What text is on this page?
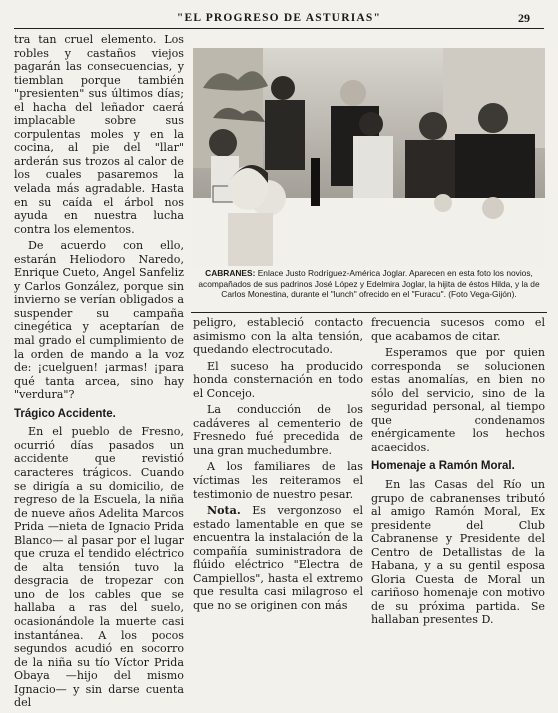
"EL PROGRESO DE ASTURIAS"	29

tra tan cruel elemento. Los robles y castaños viejos pagarán las consecuencias, y tiemblan porque también "presienten" sus últimos días; el hacha del leñador caerá implacable sobre sus corpulentas moles y en la cocina, al pie del "llar" arderán sus trozos al calor de los cuales pasaremos la velada más agradable. Hasta en su caída el árbol nos ayuda en nuestra lucha contra los elementos.

De acuerdo con ello, estarán Heliodoro Naredo, Enrique Cueto, Angel Sanfeliz y Carlos González, porque sin invierno se verían obligados a suspender su campaña cinegética y aceptarían de mal grado el cumplimiento de la orden de mando a la voz de: ¡cuelguen! ¡armas! ¡para qué tanta arcea, sino hay "verdura"?

Trágico Accidente.

En el pueblo de Fresno, ocurrió días pasados un accidente que revistió caracteres trágicos. Cuando se dirigía a su domicilio, de regreso de la Escuela, la niña de nueve años Adelita Marcos Prida —nieta de Ignacio Prida Blanco— al pasar por el lugar que cruza el tendido eléctrico de alta tensión tuvo la desgracia de tropezar con uno de los cables que se hallaba a ras del suelo, ocasionándole la muerte casi instantánea. A los pocos segundos acudió en socorro de la niña su tío Víctor Prida Obaya —hijo del mismo Ignacio— y sin darse cuenta del

CABRANES: Enlace Justo Rodríguez-América Joglar. Aparecen en esta foto los novios, acompañados de sus padrinos José López y Edelmira Joglar, la hijita de éstos Hilda, y la de Carlos Monestina, durante el "lunch" ofrecido en el "Furacu". (Foto Vega-Gijón).

peligro, estableció contacto asimismo con la alta tensión, quedando electrocutado.

El suceso ha producido honda consternación en todo el Concejo.

La conducción de los cadáveres al cementerio de Fresnedo fué precedida de una gran muchedumbre.

A los familiares de las víctimas les reiteramos el testimonio de nuestro pesar.

Nota. Es vergonzoso el estado lamentable en que se encuentra la instalación de la compañía suministradora de flúido eléctrico "Electra de Campiellos", hasta el extremo que resulta casi milagroso el que no se originen con más

frecuencia sucesos como el que acabamos de citar.

Esperamos que por quien corresponda se solucionen estas anomalías, en bien no sólo del servicio, sino de la seguridad personal, al tiempo que condenamos enérgicamente los hechos acaecidos.

Homenaje a Ramón Moral.

En las Casas del Río un grupo de cabranenses tributó al amigo Ramón Moral, Ex presidente del Club Cabranense y Presidente del Centro de Detallistas de la Habana, y a su gentil esposa Gloria Cuesta de Moral un cariñoso homenaje con motivo de su próxima partida. Se hallaban presentes D.
